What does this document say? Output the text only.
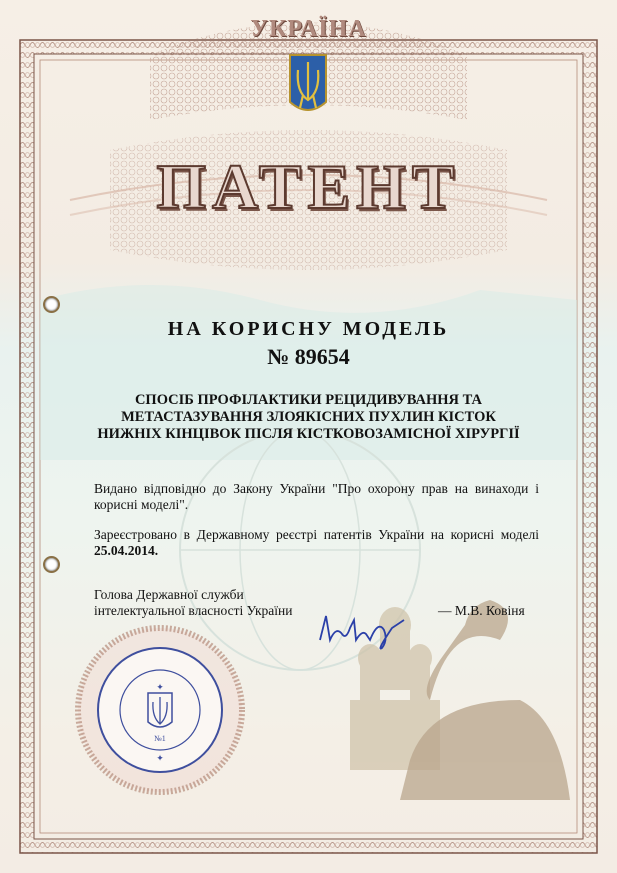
№1
✦
✦
УКРАЇНА
ПАТЕНТ
НА КОРИСНУ МОДЕЛЬ
№ 89654
СПОСІБ ПРОФІЛАКТИКИ РЕЦИДИВУВАННЯ ТА
МЕТАСТАЗУВАННЯ ЗЛОЯКІСНИХ ПУХЛИН КІСТОК
НИЖНІХ КІНЦІВОК ПІСЛЯ КІСТКОВОЗАМІСНОЇ ХІРУРГІЇ
Видано відповідно до Закону України "Про охорону прав на винаходи і корисні моделі".
Зареєстровано в Державному реєстрі патентів України на корисні моделі 25.04.2014.
Голова Державної служби
інтелектуальної власності України	— М.В. Ковіня
